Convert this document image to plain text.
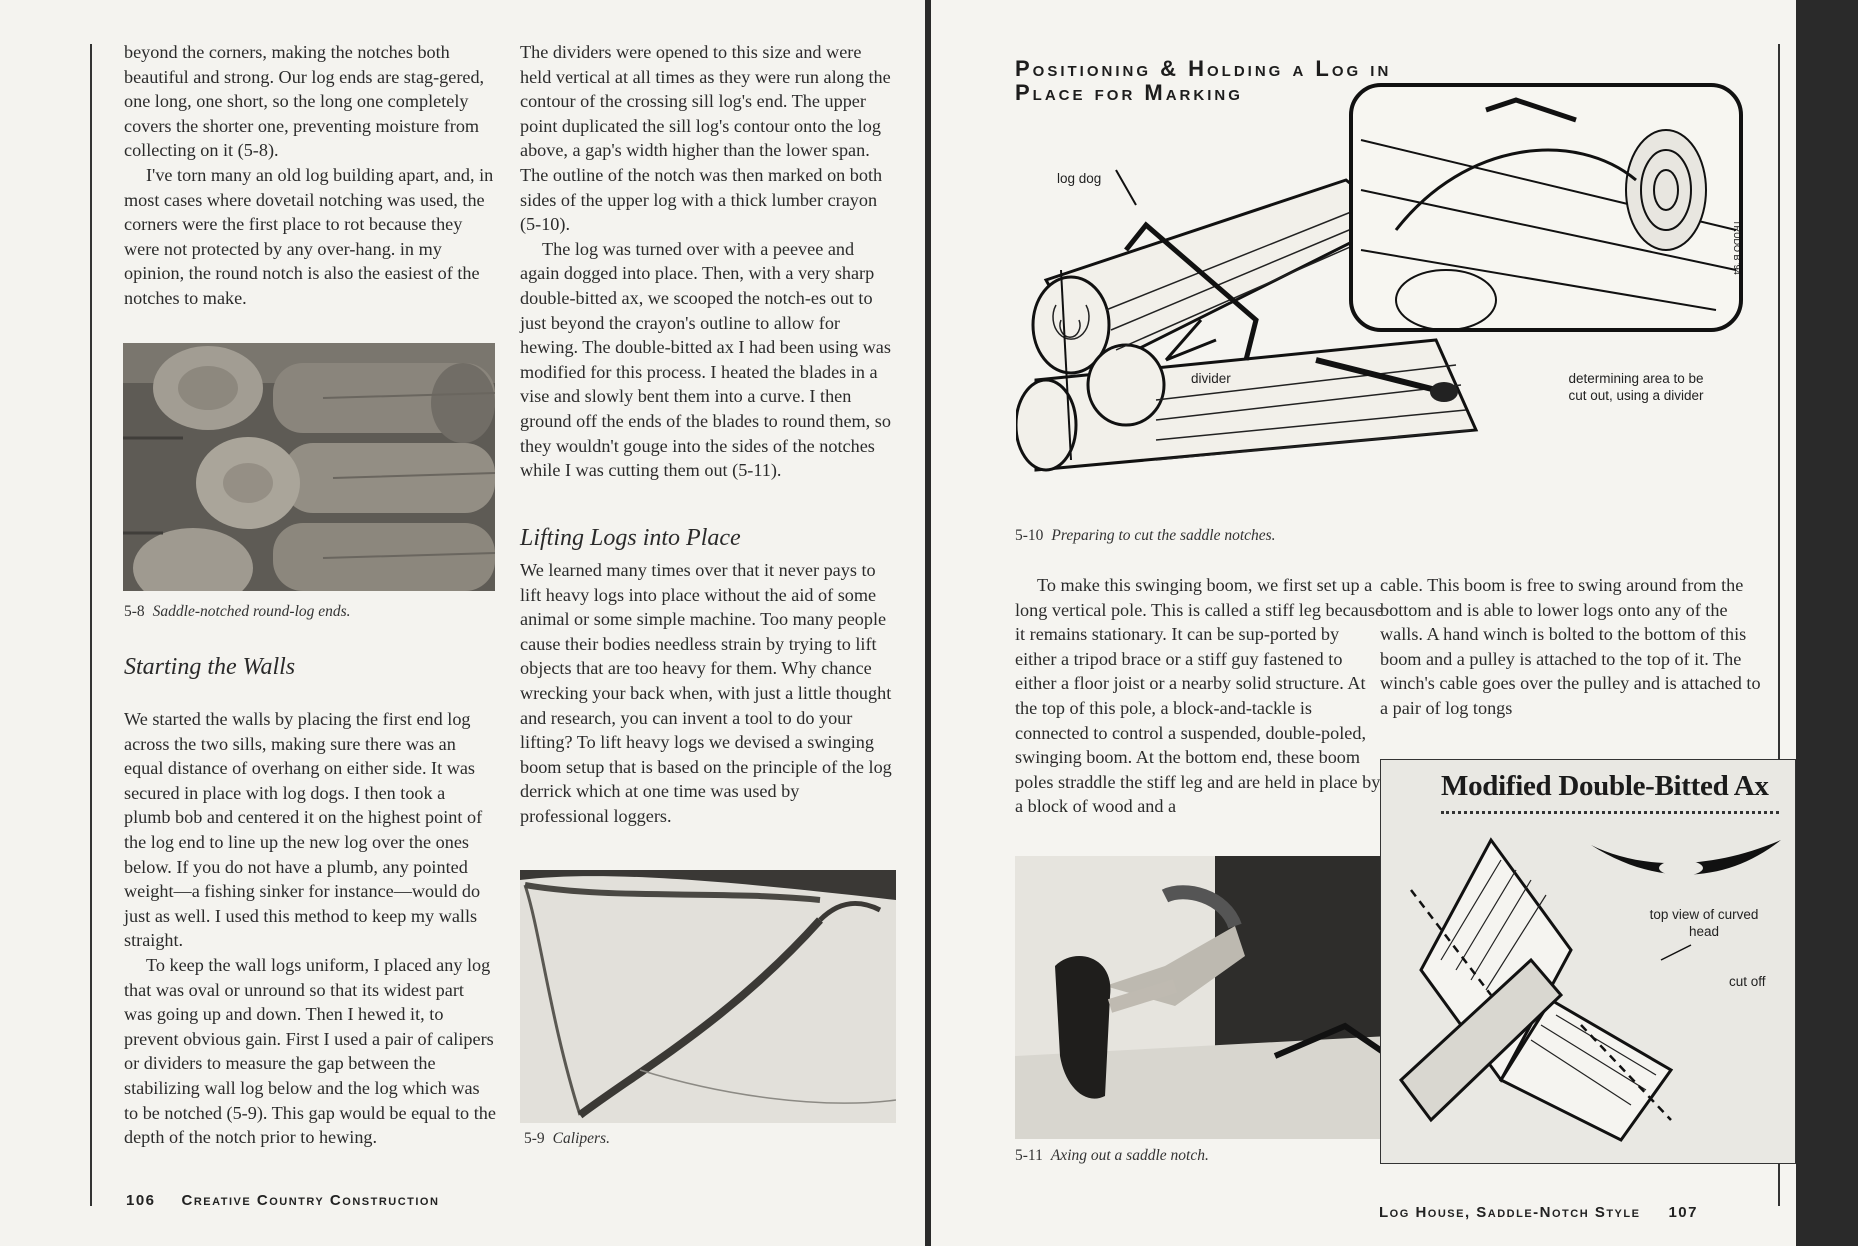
beyond the corners, making the notches both beautiful and strong. Our log ends are stag-gered, one long, one short, so the long one completely covers the shorter one, preventing moisture from collecting on it (5-8).

I've torn many an old log building apart, and, in most cases where dovetail notching was used, the corners were the first place to rot because they were not protected by any over-hang. in my opinion, the round notch is also the easiest of the notches to make.

5-8 Saddle-notched round-log ends.
Starting the Walls

We started the walls by placing the first end log across the two sills, making sure there was an equal distance of overhang on either side. It was secured in place with log dogs. I then took a plumb bob and centered it on the highest point of the log end to line up the new log over the ones below. If you do not have a plumb, any pointed weight—a fishing sinker for instance—would do just as well. I used this method to keep my walls straight.

To keep the wall logs uniform, I placed any log that was oval or unround so that its widest part was going up and down. Then I hewed it, to prevent obvious gain. First I used a pair of calipers or dividers to measure the gap between the stabilizing wall log below and the log which was to be notched (5-9). This gap would be equal to the depth of the notch prior to hewing.

The dividers were opened to this size and were held vertical at all times as they were run along the contour of the crossing sill log's end. The upper point duplicated the sill log's contour onto the log above, a gap's width higher than the lower span. The outline of the notch was then marked on both sides of the upper log with a thick lumber crayon (5-10).

The log was turned over with a peevee and again dogged into place. Then, with a very sharp double-bitted ax, we scooped the notch-es out to just beyond the crayon's outline to allow for hewing. The double-bitted ax I had been using was modified for this process. I heated the blades in a vise and slowly bent them into a curve. I then ground off the ends of the blades to round them, so they wouldn't gouge into the sides of the notches while I was cutting them out (5-11).

Lifting Logs into Place

We learned many times over that it never pays to lift heavy logs into place without the aid of some animal or some simple machine. Too many people cause their bodies needless strain by trying to lift objects that are too heavy for them. Why chance wrecking your back when, with just a little thought and research, you can invent a tool to do your lifting? To lift heavy logs we devised a swinging boom setup that is based on the principle of the log derrick which at one time was used by professional loggers.

5-9 Calipers.
106 Creative Country Construction
Positioning & Holding a Log in Place for Marking
TRUDO B '94
log dog
divider	determining area to be cut out, using a divider
5-10 Preparing to cut the saddle notches.

To make this swinging boom, we first set up a long vertical pole. This is called a stiff leg because it remains stationary. It can be sup-ported by either a tripod brace or a stiff guy fastened to either a floor joist or a nearby solid structure. At the top of this pole, a block-and-tackle is connected to control a suspended, double-poled, swinging boom. At the bottom end, these boom poles straddle the stiff leg and are held in place by a block of wood and a

cable. This boom is free to swing around from the bottom and is able to lower logs onto any of the walls. A hand winch is bolted to the bottom of this boom and a pulley is attached to the top of it. The winch's cable goes over the pulley and is attached to a pair of log tongs

5-11 Axing out a saddle notch.
Modified Double-Bitted Ax
top view of curved head
cut off
Log House, Saddle-Notch Style 107
